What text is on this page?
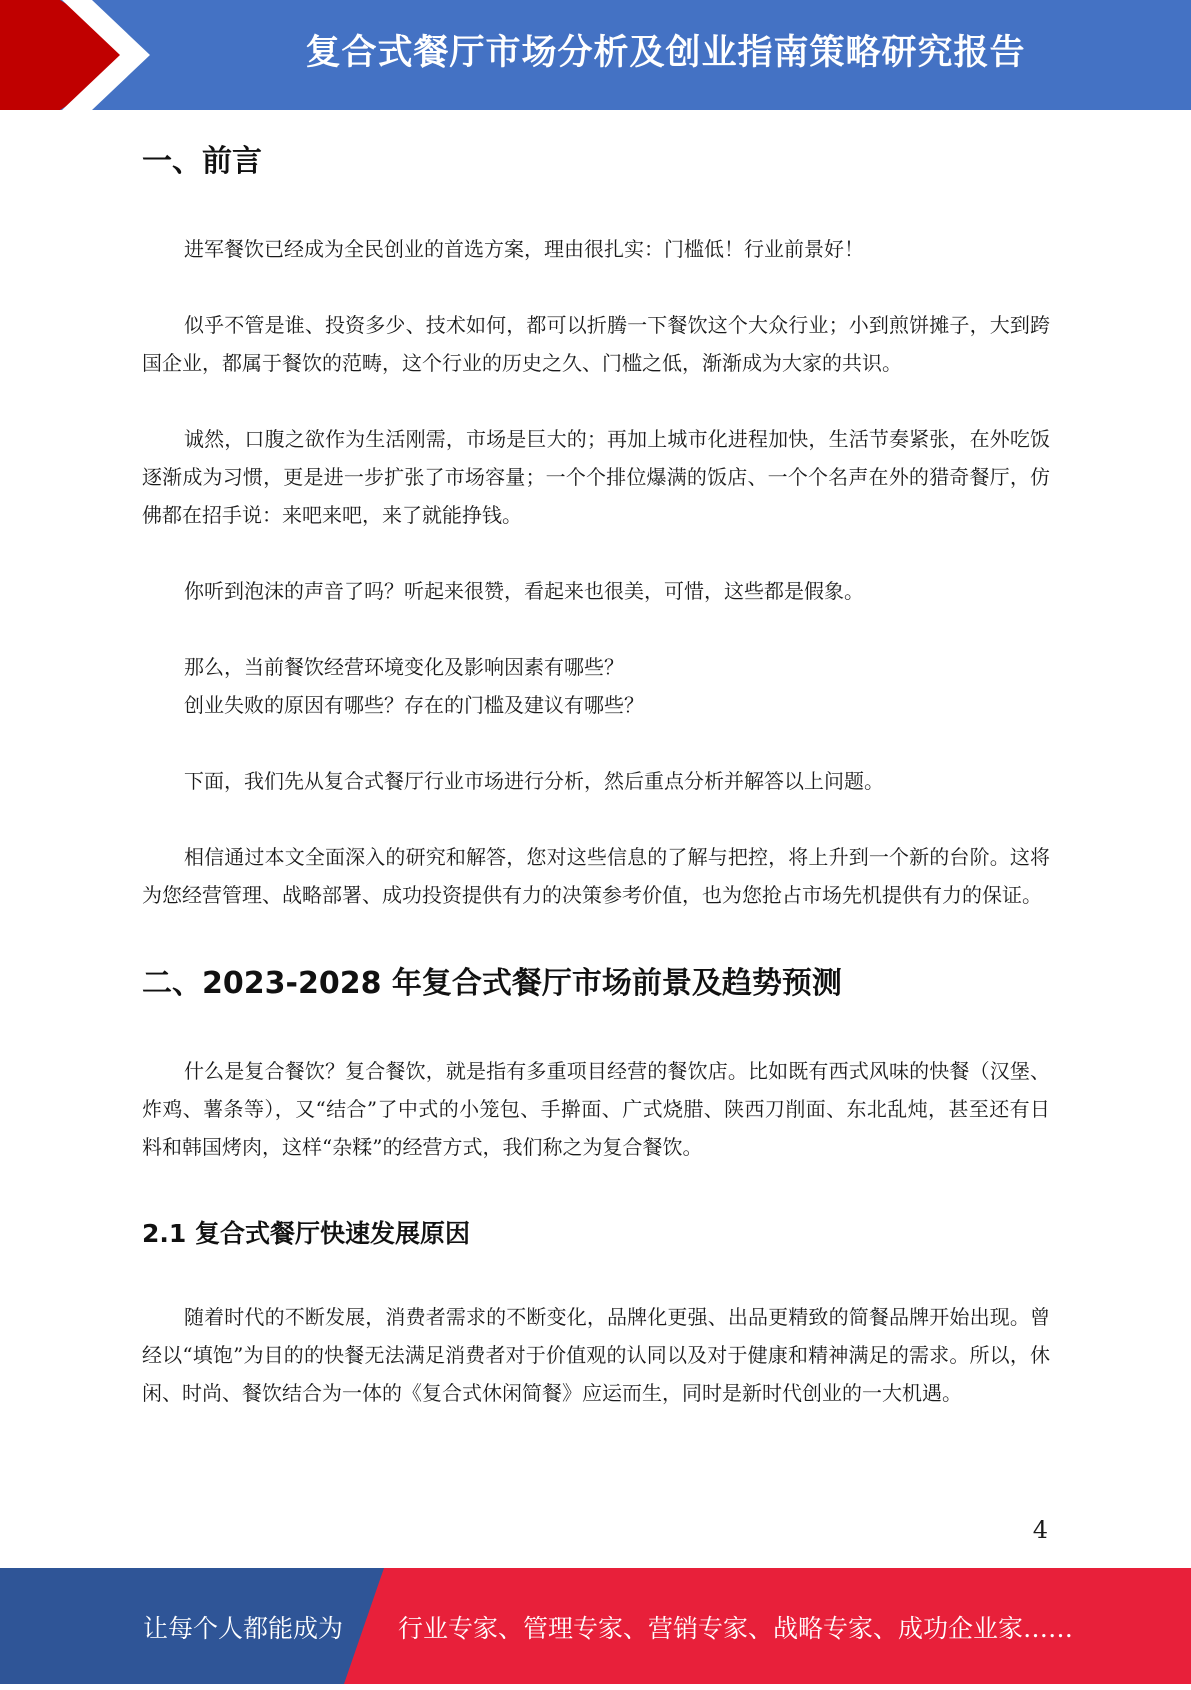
复合式餐厅市场分析及创业指南策略研究报告
一、前言

进军餐饮已经成为全民创业的首选方案，理由很扎实：门槛低！行业前景好！

似乎不管是谁、投资多少、技术如何，都可以折腾一下餐饮这个大众行业；小到煎饼摊子，大到跨国企业，都属于餐饮的范畴，这个行业的历史之久、门槛之低，渐渐成为大家的共识。

诚然，口腹之欲作为生活刚需，市场是巨大的；再加上城市化进程加快，生活节奏紧张，在外吃饭逐渐成为习惯，更是进一步扩张了市场容量；一个个排位爆满的饭店、一个个名声在外的猎奇餐厅，仿佛都在招手说：来吧来吧，来了就能挣钱。

你听到泡沫的声音了吗？听起来很赞，看起来也很美，可惜，这些都是假象。

那么，当前餐饮经营环境变化及影响因素有哪些？

创业失败的原因有哪些？存在的门槛及建议有哪些？

下面，我们先从复合式餐厅行业市场进行分析，然后重点分析并解答以上问题。

相信通过本文全面深入的研究和解答，您对这些信息的了解与把控，将上升到一个新的台阶。这将为您经营管理、战略部署、成功投资提供有力的决策参考价值，也为您抢占市场先机提供有力的保证。

二、2023-2028 年复合式餐厅市场前景及趋势预测

什么是复合餐饮？复合餐饮，就是指有多重项目经营的餐饮店。比如既有西式风味的快餐（汉堡、炸鸡、薯条等），又“结合”了中式的小笼包、手擀面、广式烧腊、陕西刀削面、东北乱炖，甚至还有日料和韩国烤肉，这样“杂糅”的经营方式，我们称之为复合餐饮。

2.1 复合式餐厅快速发展原因

随着时代的不断发展，消费者需求的不断变化，品牌化更强、出品更精致的简餐品牌开始出现。曾经以“填饱”为目的的快餐无法满足消费者对于价值观的认同以及对于健康和精神满足的需求。所以，休闲、时尚、餐饮结合为一体的《复合式休闲简餐》应运而生，同时是新时代创业的一大机遇。

4
让每个人都能成为 行业专家、管理专家、营销专家、战略专家、成功企业家……
